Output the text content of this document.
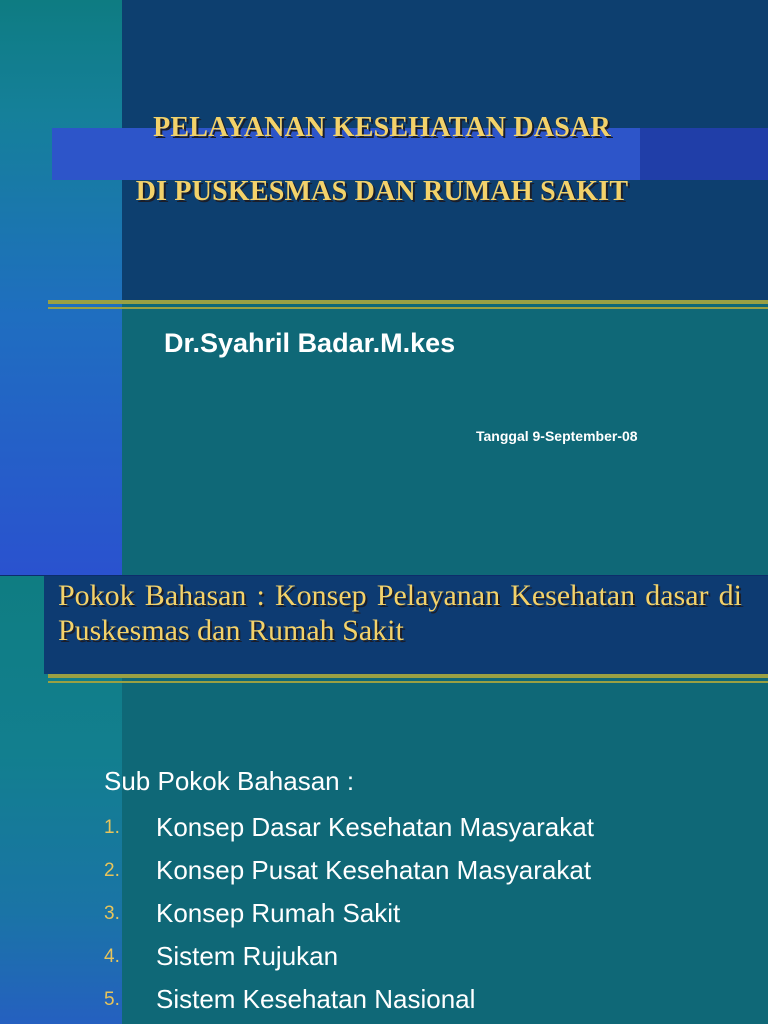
PELAYANAN KESEHATAN DASAR
DI PUSKESMAS DAN RUMAH SAKIT
Dr.Syahril Badar.M.kes
Tanggal 9-September-08
Pokok Bahasan : Konsep Pelayanan Kesehatan dasar di Puskesmas dan Rumah Sakit
Sub Pokok Bahasan :
1.	Konsep Dasar Kesehatan Masyarakat
2.	Konsep Pusat Kesehatan Masyarakat
3.	Konsep Rumah Sakit
4.	Sistem Rujukan
5.	Sistem Kesehatan Nasional
